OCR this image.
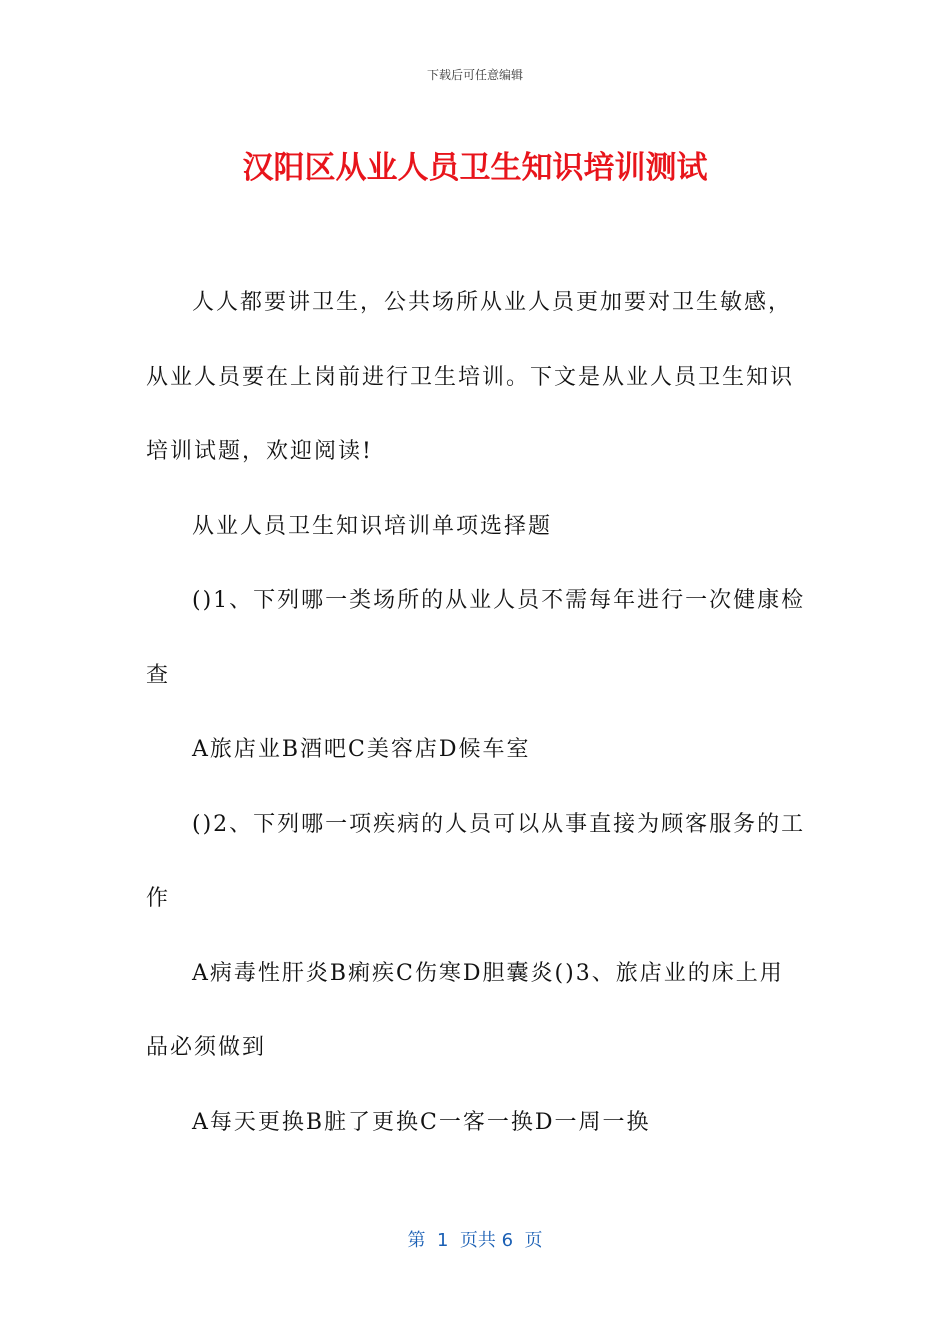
下载后可任意编辑
汉阳区从业人员卫生知识培训测试

人人都要讲卫生，公共场所从业人员更加要对卫生敏感，从业人员要在上岗前进行卫生培训。下文是从业人员卫生知识培训试题，欢迎阅读!

从业人员卫生知识培训单项选择题

()1、下列哪一类场所的从业人员不需每年进行一次健康检查

A旅店业B酒吧C美容店D候车室

()2、下列哪一项疾病的人员可以从事直接为顾客服务的工作

A病毒性肝炎B痢疾C伤寒D胆囊炎()3、旅店业的床上用品必须做到

A每天更换B脏了更换C一客一换D一周一换

第  1  页共 6  页
